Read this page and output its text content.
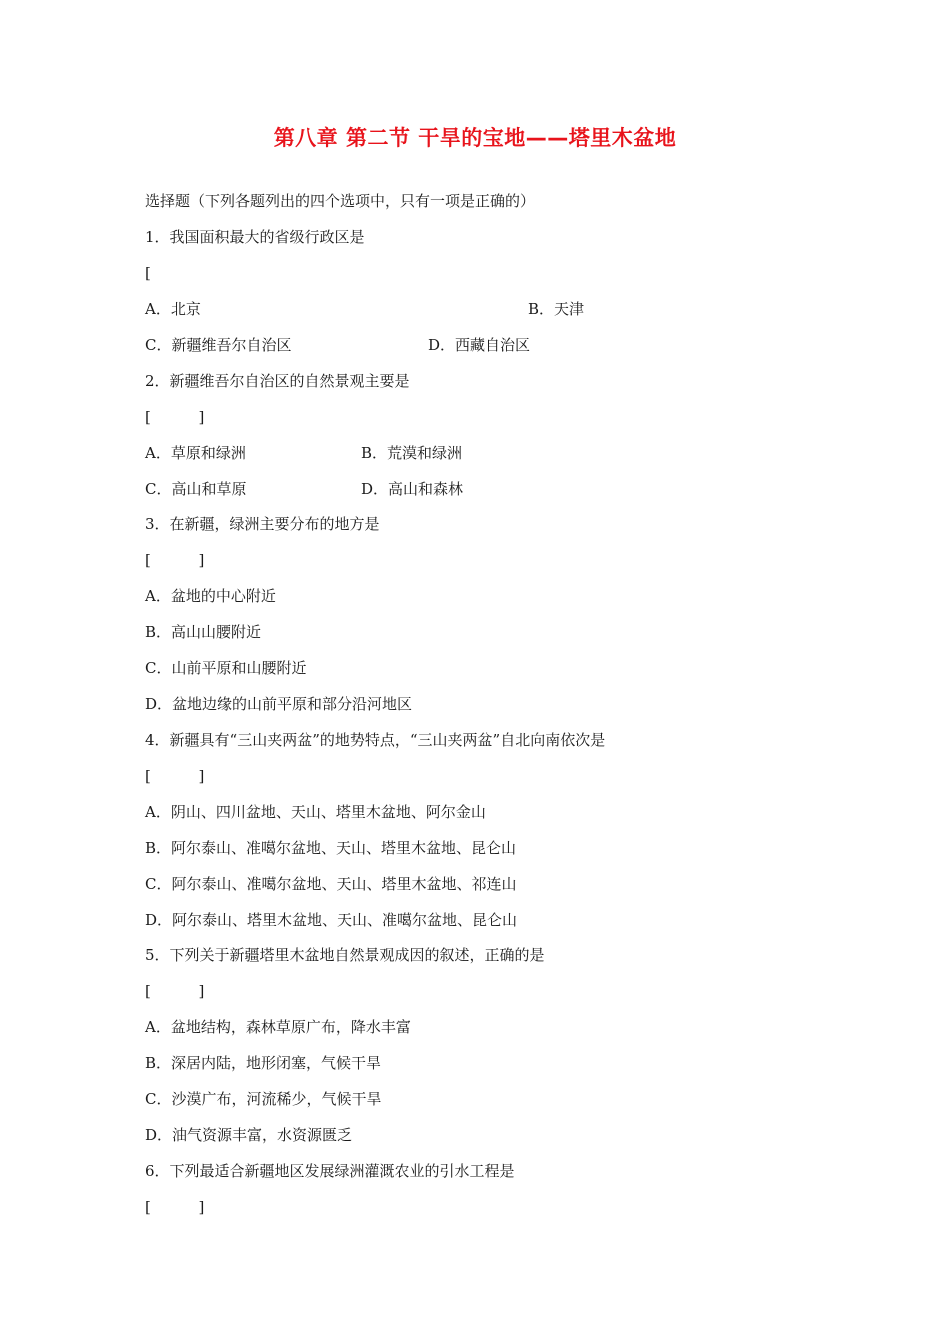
第八章 第二节 干旱的宝地——塔里木盆地
选择题（下列各题列出的四个选项中，只有一项是正确的）
1．我国面积最大的省级行政区是
[
A．北京	B．天津
C．新疆维吾尔自治区	D．西藏自治区
2．新疆维吾尔自治区的自然景观主要是
[          ]
A．草原和绿洲	B．荒漠和绿洲
C．高山和草原	D．高山和森林
3．在新疆，绿洲主要分布的地方是
[          ]
A．盆地的中心附近
B．高山山腰附近
C．山前平原和山腰附近
D．盆地边缘的山前平原和部分沿河地区
4．新疆具有“三山夹两盆”的地势特点，“三山夹两盆”自北向南依次是
[          ]
A．阴山、四川盆地、天山、塔里木盆地、阿尔金山
B．阿尔泰山、准噶尔盆地、天山、塔里木盆地、昆仑山
C．阿尔泰山、准噶尔盆地、天山、塔里木盆地、祁连山
D．阿尔泰山、塔里木盆地、天山、准噶尔盆地、昆仑山
5．下列关于新疆塔里木盆地自然景观成因的叙述，正确的是
[          ]
A．盆地结构，森林草原广布，降水丰富
B．深居内陆，地形闭塞，气候干旱
C．沙漠广布，河流稀少，气候干旱
D．油气资源丰富，水资源匮乏
6．下列最适合新疆地区发展绿洲灌溉农业的引水工程是
[          ]
